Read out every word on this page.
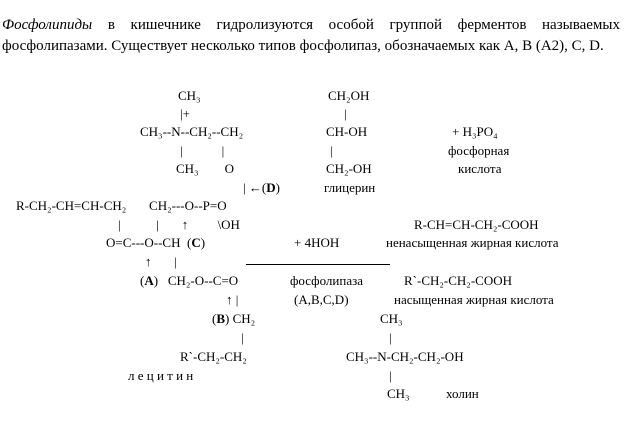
Фосфолипиды в кишечнике гидролизуются особой группой ферментов называемых фосфолипазами. Существует несколько типов фосфолипаз, обозначаемых как A, B (A2), C, D.

CH₃
|+
CH₃--N--CH₂--CH₂
|            |
CH₃        O
| ←(D)
R-CH₂-CH=CH-CH₂       CH₂---O--P=O
|           |       ↑         \OH
O=C---O--CH  (C)
↑       |
(A) CH₂-O--C=O
↑ |
(B) CH₂
|
R`-CH₂-CH₂
л е ц и т и н
CH₂OH
|
CH-OH
|
CH₂-OH
глицерин
+ H₃PO₄
фосфорная
кислота
+ 4HOH
фосфолипаза
(A,B,C,D)
R-CH=CH-CH₂-COOH
ненасыщенная жирная кислота
R`-CH₂-CH₂-COOH
насыщенная жирная кислота
CH₃
|
CH₃--N-CH₂-CH₂-OH
|
CH₃	холин
